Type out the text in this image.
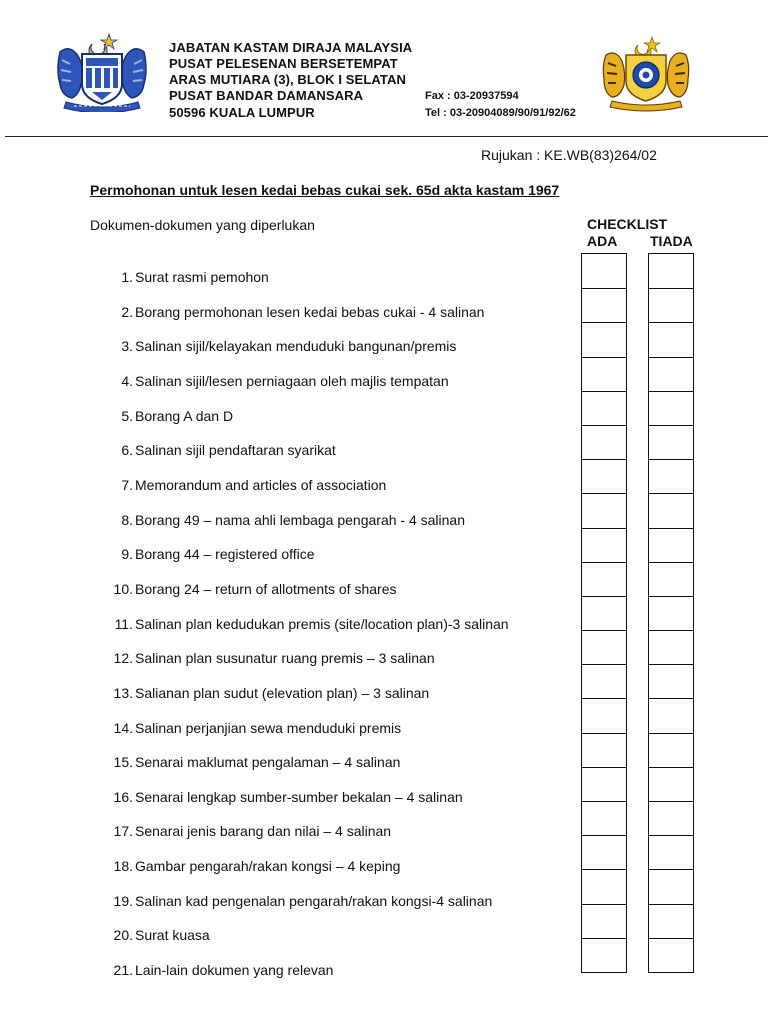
JABATAN KASTAM DIRAJA MALAYSIA
PUSAT PELESENAN BERSETEMPAT
ARAS MUTIARA (3), BLOK I SELATAN
PUSAT BANDAR DAMANSARA
50596 KUALA LUMPUR
Fax : 03-20937594
Tel : 03-20904089/90/91/92/62
Rujukan : KE.WB(83)264/02
Permohonan untuk lesen kedai bebas cukai sek. 65d akta kastam 1967
Dokumen-dokumen yang diperlukan	CHECKLIST
ADA TIADA
1. Surat rasmi pemohon
2. Borang permohonan lesen kedai bebas cukai - 4 salinan
3. Salinan sijil/kelayakan menduduki bangunan/premis
4. Salinan sijil/lesen perniagaan oleh majlis tempatan
5. Borang A dan D
6. Salinan sijil pendaftaran syarikat
7. Memorandum and articles of association
8. Borang 49 – nama ahli lembaga pengarah - 4 salinan
9. Borang 44 – registered office
10. Borang 24 – return of allotments of shares
11. Salinan plan kedudukan premis (site/location plan)-3 salinan
12. Salinan plan susunatur ruang premis – 3 salinan
13. Salianan plan sudut (elevation plan) – 3 salinan
14. Salinan perjanjian sewa menduduki premis
15. Senarai maklumat pengalaman – 4 salinan
16. Senarai lengkap sumber-sumber bekalan – 4 salinan
17. Senarai jenis barang dan nilai – 4 salinan
18. Gambar pengarah/rakan kongsi – 4 keping
19. Salinan kad pengenalan pengarah/rakan kongsi-4 salinan
20. Surat kuasa
21. Lain-lain dokumen yang relevan
